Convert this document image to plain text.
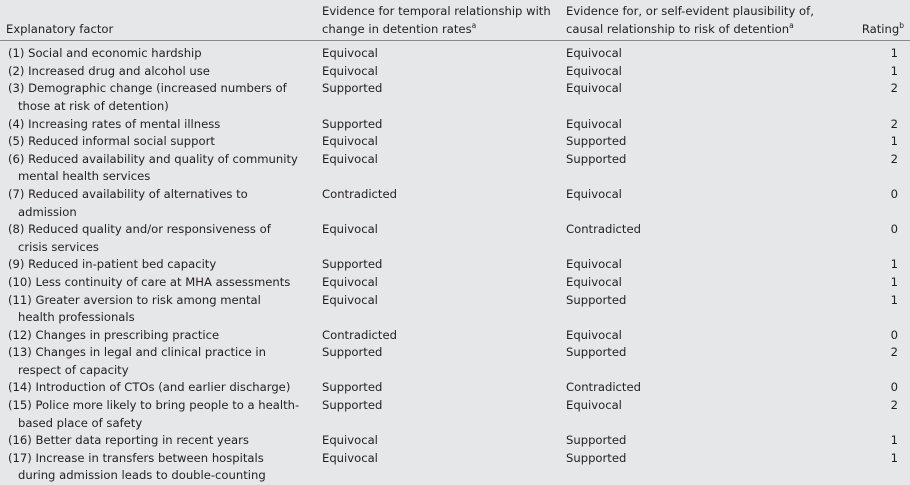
Explanatory factor	Evidence for temporal relationship with change in detention rates$^a$	Evidence for, or self-evident plausibility of, causal relationship to risk of detention$^a$	Rating$^b$
(1) Social and economic hardship	Equivocal	Equivocal	1
(2) Increased drug and alcohol use	Equivocal	Equivocal	1
(3) Demographic change (increased numbers of those at risk of detention)	Supported	Equivocal	2
(4) Increasing rates of mental illness	Supported	Equivocal	2
(5) Reduced informal social support	Equivocal	Supported	1
(6) Reduced availability and quality of community mental health services	Equivocal	Supported	2
(7) Reduced availability of alternatives to admission	Contradicted	Equivocal	0
(8) Reduced quality and/or responsiveness of crisis services	Equivocal	Contradicted	0
(9) Reduced in-patient bed capacity	Supported	Equivocal	1
(10) Less continuity of care at MHA assessments	Equivocal	Equivocal	1
(11) Greater aversion to risk among mental health professionals	Equivocal	Supported	1
(12) Changes in prescribing practice	Contradicted	Equivocal	0
(13) Changes in legal and clinical practice in respect of capacity	Supported	Supported	2
(14) Introduction of CTOs (and earlier discharge)	Supported	Contradicted	0
(15) Police more likely to bring people to a health-based place of safety	Supported	Equivocal	2
(16) Better data reporting in recent years	Equivocal	Supported	1
(17) Increase in transfers between hospitals during admission leads to double-counting	Equivocal	Supported	1
